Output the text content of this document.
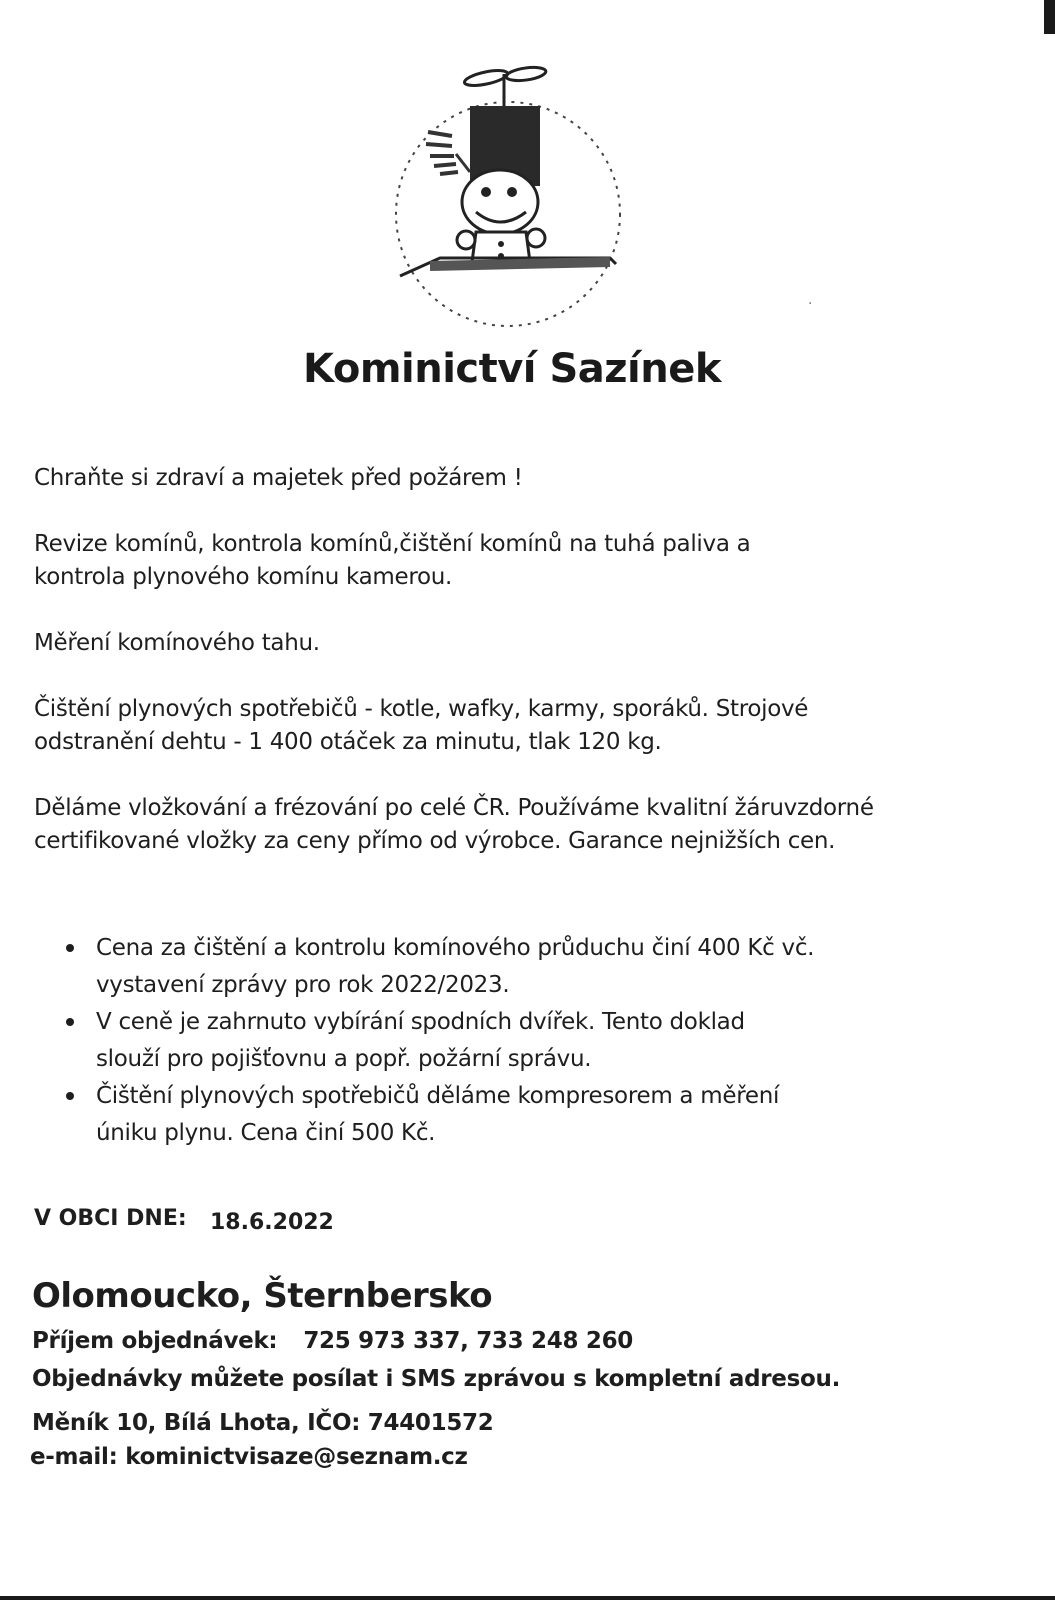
·
Kominictví Sazínek

Chraňte si zdraví a majetek před požárem !

Revize komínů, kontrola komínů,čištění komínů na tuhá paliva a kontrola plynového komínu kamerou.

Měření komínového tahu.

Čištění plynových spotřebičů - kotle, wafky, karmy, sporáků. Strojové odstranění dehtu - 1 400 otáček za minutu, tlak 120 kg.

Děláme vložkování a frézování po celé ČR. Používáme kvalitní žáruvzdorné certifikované vložky za ceny přímo od výrobce. Garance nejnižších cen.

Cena za čištění a kontrolu komínového průduchu činí 400 Kč vč. vystavení zprávy pro rok 2022/2023.
V ceně je zahrnuto vybírání spodních dvířek. Tento doklad slouží pro pojišťovnu a popř. požární správu.
Čištění plynových spotřebičů děláme kompresorem a měření úniku plynu. Cena činí 500 Kč.
V OBCI DNE: 18.6.2022
Olomoucko, Šternbersko
Příjem objednávek: 725 973 337, 733 248 260
Objednávky můžete posílat i SMS zprávou s kompletní adresou.
Měník 10, Bílá Lhota, IČO: 74401572
e-mail: kominictvisaze@seznam.cz
